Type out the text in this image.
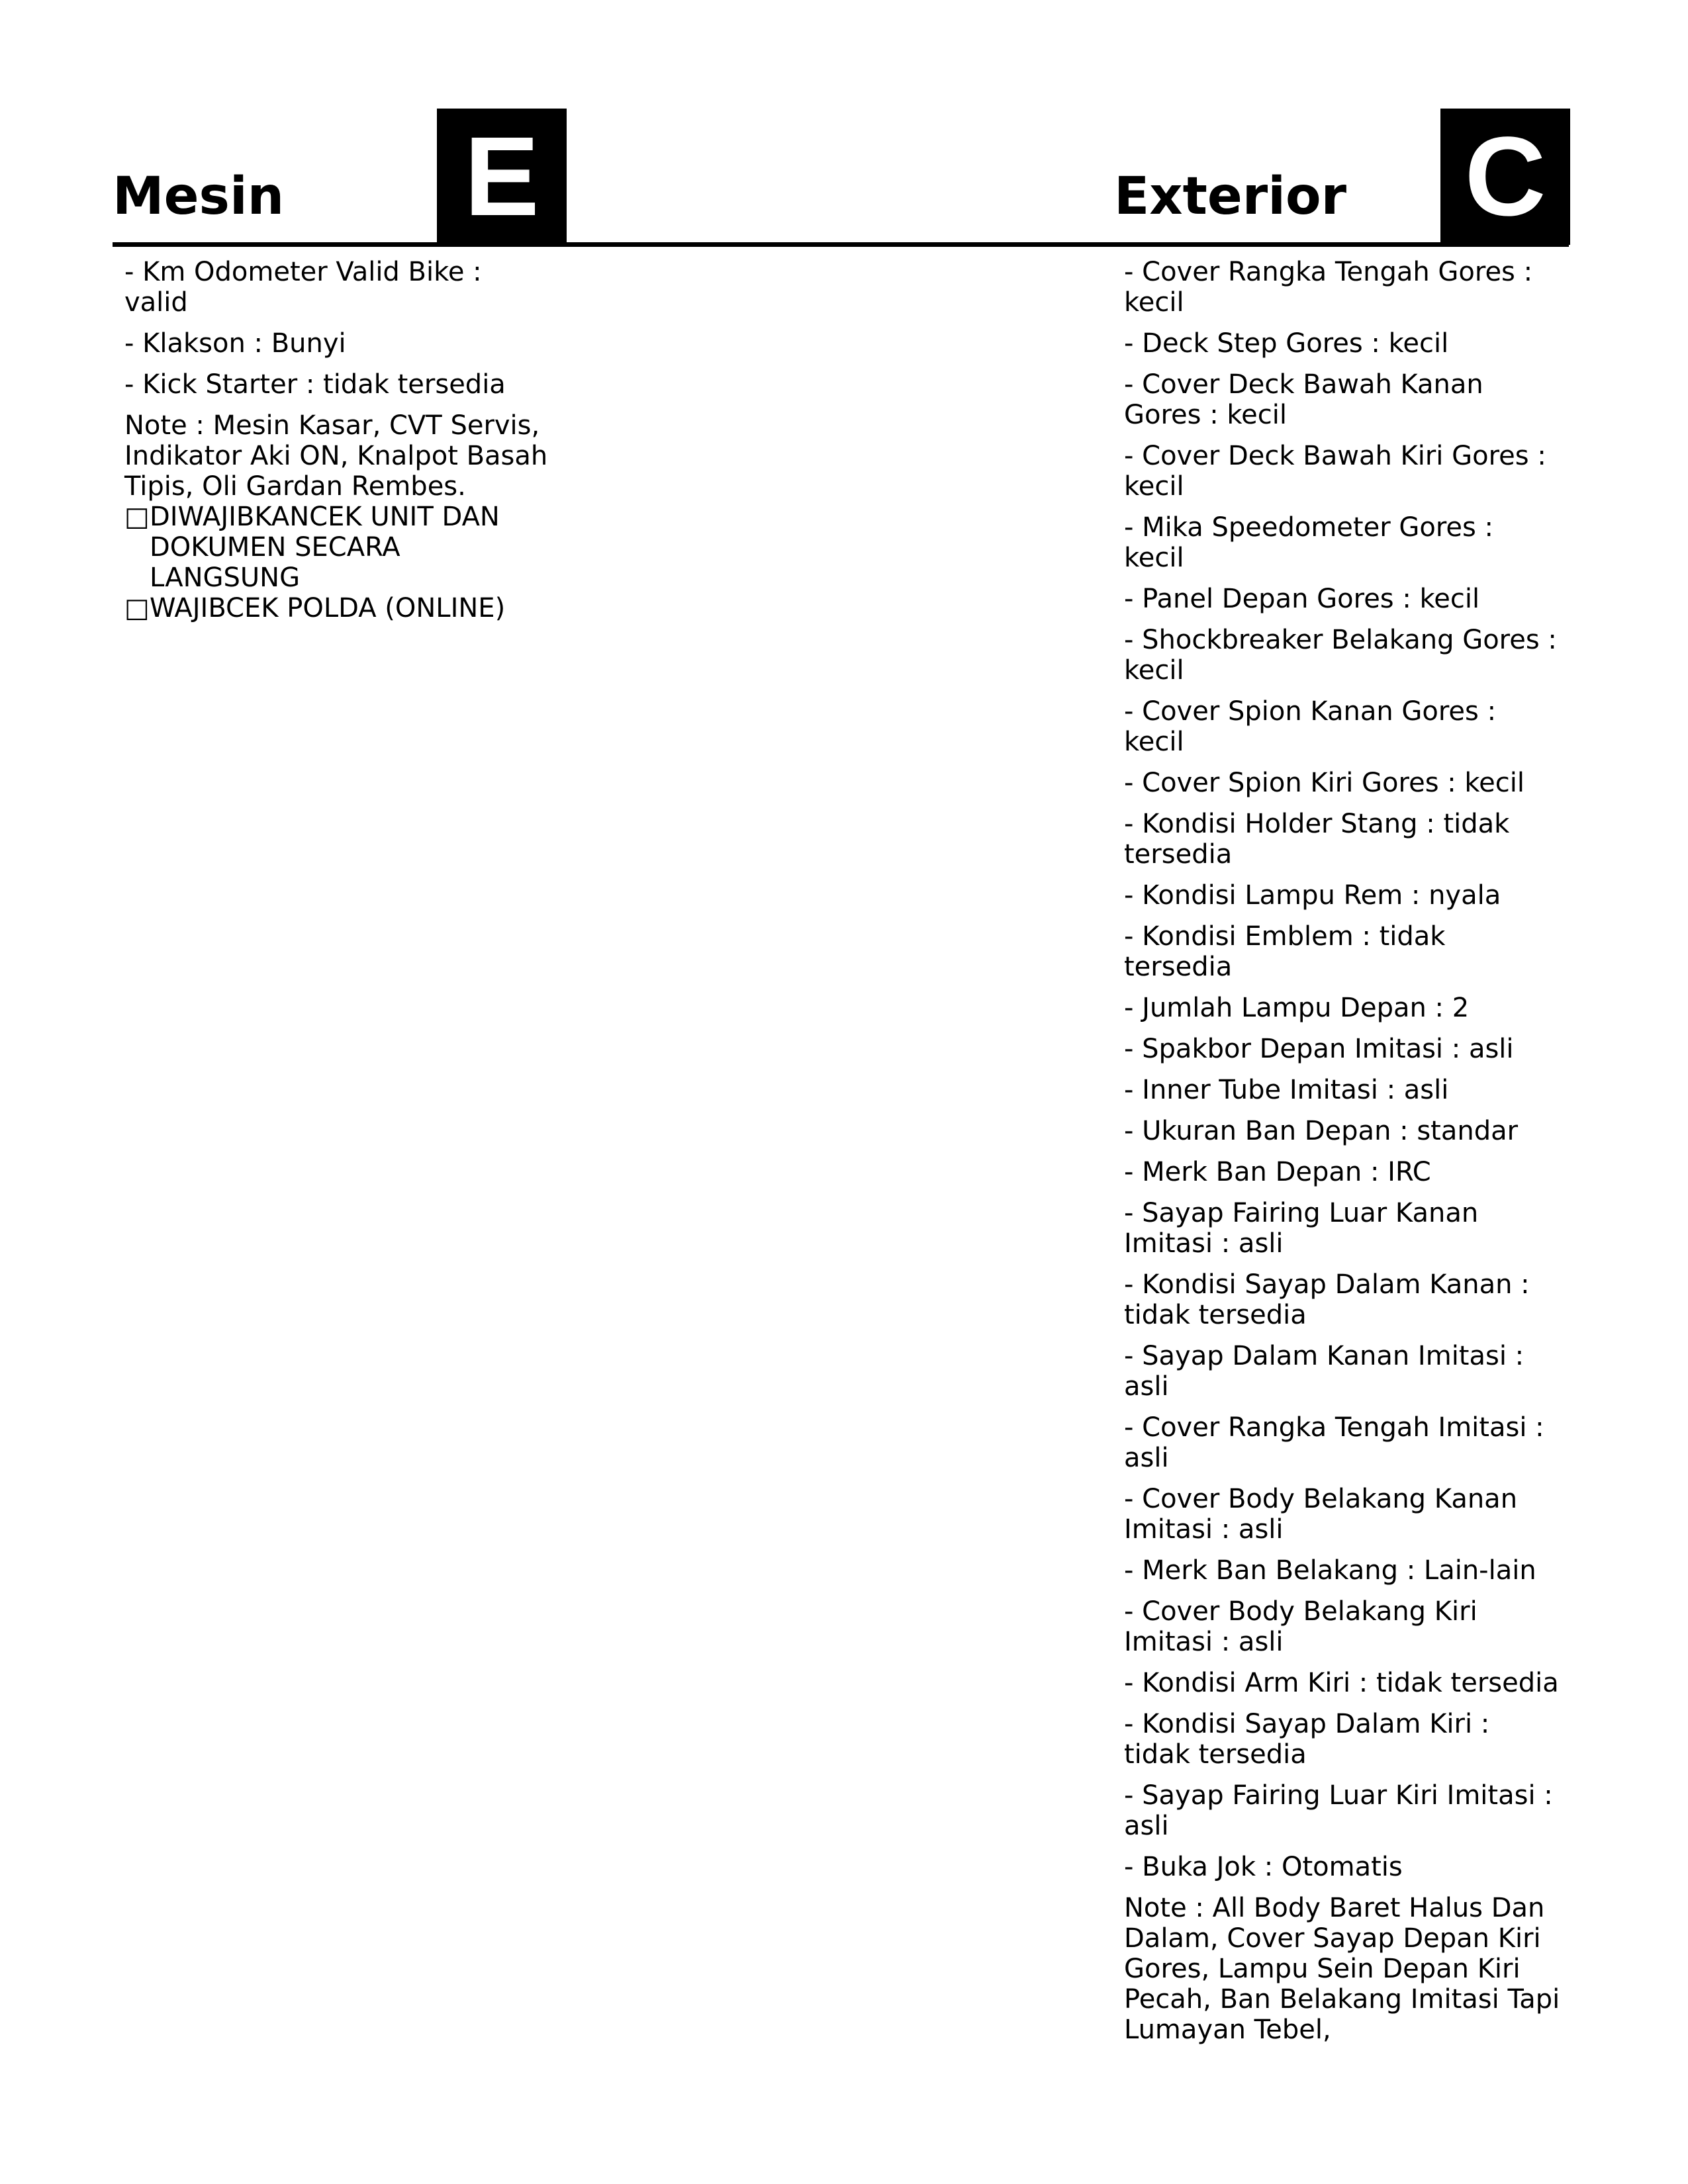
Mesin E	Exterior C
- Km Odometer Valid Bike : valid
- Klakson : Bunyi
- Kick Starter : tidak tersedia
Note : Mesin Kasar, CVT Servis, Indikator Aki ON, Knalpot Basah Tipis, Oli Gardan Rembes.
□DIWAJIBKANCEK UNIT DAN DOKUMEN SECARA LANGSUNG
□WAJIBCEK POLDA (ONLINE)
- Cover Rangka Tengah Gores : kecil
- Deck Step Gores : kecil
- Cover Deck Bawah Kanan Gores : kecil
- Cover Deck Bawah Kiri Gores : kecil
- Mika Speedometer Gores : kecil
- Panel Depan Gores : kecil
- Shockbreaker Belakang Gores : kecil
- Cover Spion Kanan Gores : kecil
- Cover Spion Kiri Gores : kecil
- Kondisi Holder Stang : tidak tersedia
- Kondisi Lampu Rem : nyala
- Kondisi Emblem : tidak tersedia
- Jumlah Lampu Depan : 2
- Spakbor Depan Imitasi : asli
- Inner Tube Imitasi : asli
- Ukuran Ban Depan : standar
- Merk Ban Depan : IRC
- Sayap Fairing Luar Kanan Imitasi : asli
- Kondisi Sayap Dalam Kanan : tidak tersedia
- Sayap Dalam Kanan Imitasi : asli
- Cover Rangka Tengah Imitasi : asli
- Cover Body Belakang Kanan Imitasi : asli
- Merk Ban Belakang : Lain-lain
- Cover Body Belakang Kiri Imitasi : asli
- Kondisi Arm Kiri : tidak tersedia
- Kondisi Sayap Dalam Kiri : tidak tersedia
- Sayap Fairing Luar Kiri Imitasi : asli
- Buka Jok : Otomatis
Note : All Body Baret Halus Dan Dalam, Cover Sayap Depan Kiri Gores, Lampu Sein Depan Kiri Pecah, Ban Belakang Imitasi Tapi Lumayan Tebel,
